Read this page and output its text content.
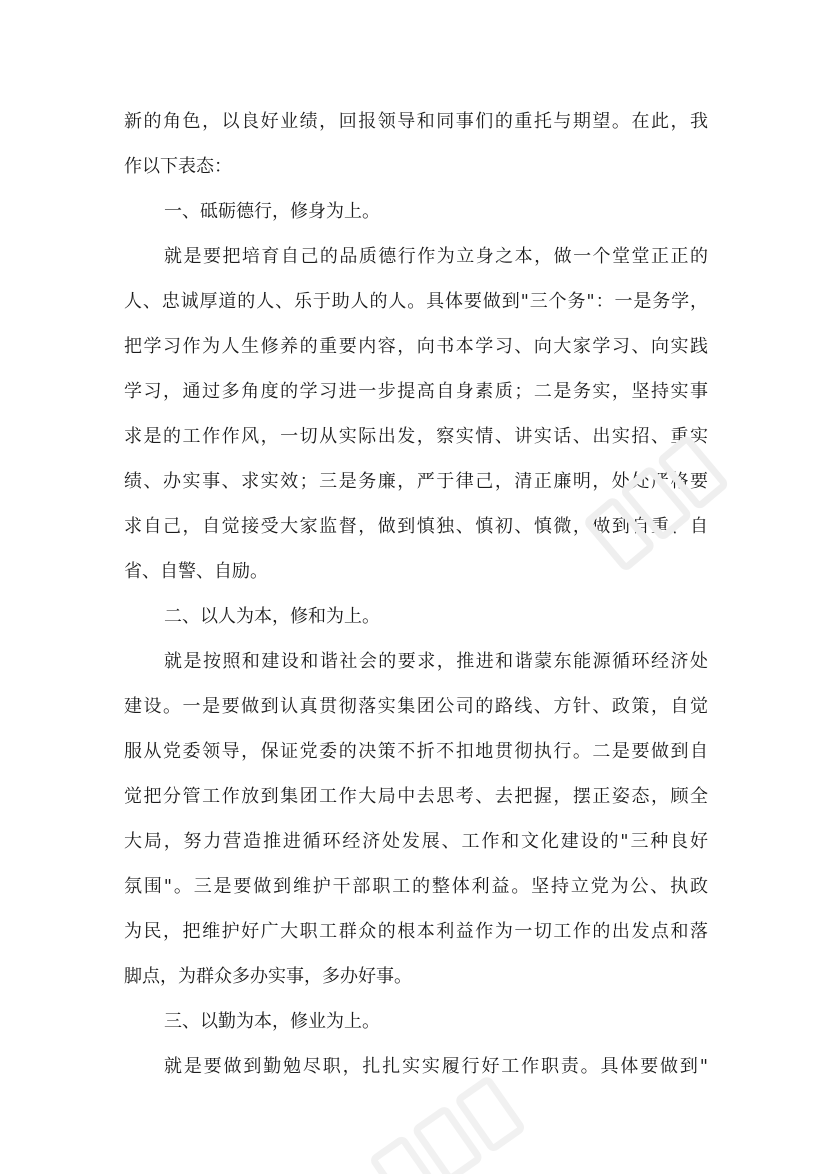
新的角色，以良好业绩，回报领导和同事们的重托与期望。在此，我
作以下表态：
一、砥砺德行，修身为上。
就是要把培育自己的品质德行作为立身之本，做一个堂堂正正的
人、忠诚厚道的人、乐于助人的人。具体要做到"三个务"：一是务学，
把学习作为人生修养的重要内容，向书本学习、向大家学习、向实践
学习，通过多角度的学习进一步提高自身素质；二是务实，坚持实事
求是的工作作风，一切从实际出发，察实情、讲实话、出实招、重实
绩、办实事、求实效；三是务廉，严于律己，清正廉明，处处严格要
求自己，自觉接受大家监督，做到慎独、慎初、慎微，做到自重、自
省、自警、自励。
二、以人为本，修和为上。
就是按照和建设和谐社会的要求，推进和谐蒙东能源循环经济处
建设。一是要做到认真贯彻落实集团公司的路线、方针、政策，自觉
服从党委领导，保证党委的决策不折不扣地贯彻执行。二是要做到自
觉把分管工作放到集团工作大局中去思考、去把握，摆正姿态，顾全
大局，努力营造推进循环经济处发展、工作和文化建设的"三种良好
氛围"。三是要做到维护干部职工的整体利益。坚持立党为公、执政
为民，把维护好广大职工群众的根本利益作为一切工作的出发点和落
脚点，为群众多办实事，多办好事。
三、以勤为本，修业为上。
就是要做到勤勉尽职，扎扎实实履行好工作职责。具体要做到"
